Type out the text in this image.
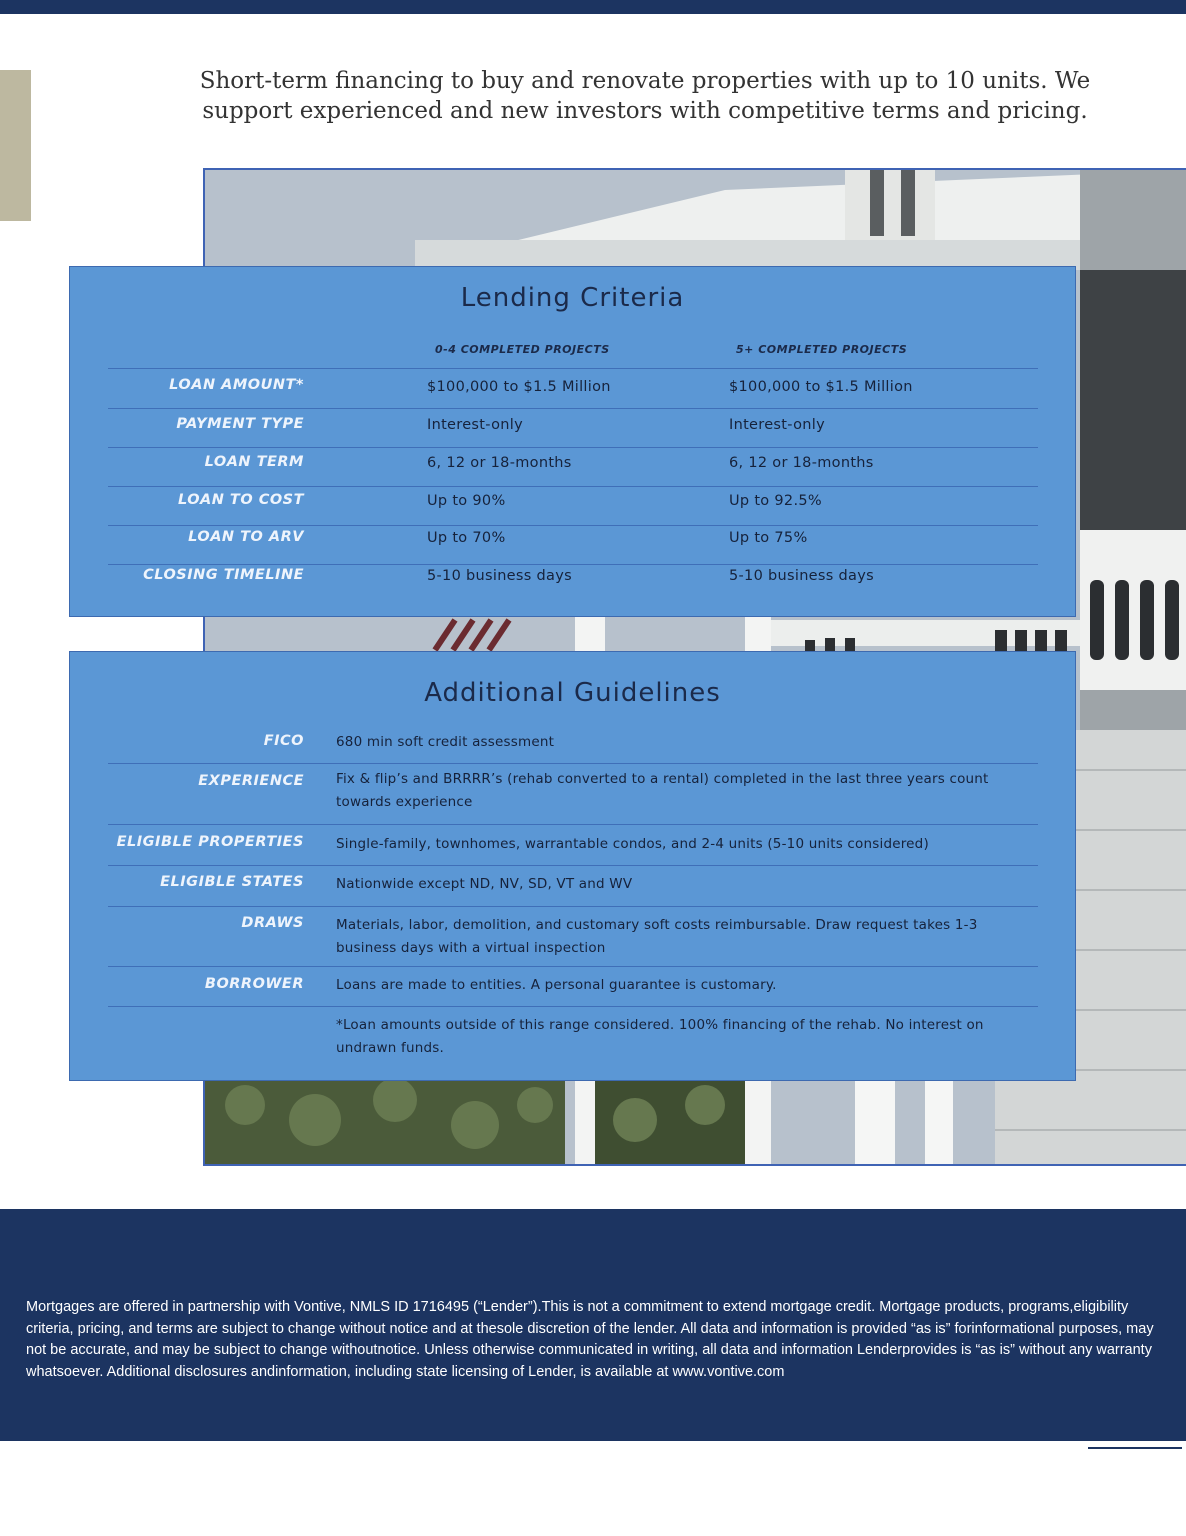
Short-term financing to buy and renovate properties with up to 10 units. We
support experienced and new investors with competitive terms and pricing.
Lending Criteria
0-4 COMPLETED PROJECTS	5+ COMPLETED PROJECTS
LOAN AMOUNT*	$100,000 to $1.5 Million	$100,000 to $1.5 Million
PAYMENT TYPE	Interest-only	Interest-only
LOAN TERM	6, 12 or 18-months	6, 12 or 18-months
LOAN TO COST	Up to 90%	Up to 92.5%
LOAN TO ARV	Up to 70%	Up to 75%
CLOSING TIMELINE	5-10 business days	5-10 business days
Additional Guidelines
FICO 680 min soft credit assessment
EXPERIENCE Fix & flip’s and BRRRR’s (rehab converted to a rental) completed in the last three years count towards experience
ELIGIBLE PROPERTIES Single-family, townhomes, warrantable condos, and 2-4 units (5-10 units considered)
ELIGIBLE STATES Nationwide except ND, NV, SD, VT and WV
DRAWS Materials, labor, demolition, and customary soft costs reimbursable. Draw request takes 1-3 business days with a virtual inspection
BORROWER Loans are made to entities. A personal guarantee is customary.
*Loan amounts outside of this range considered. 100% financing of the rehab. No interest on undrawn funds.
Mortgages are offered in partnership with Vontive, NMLS ID 1716495 (“Lender”).This is not a commitment to extend mortgage credit. Mortgage products, programs,eligibility criteria, pricing, and terms are subject to change without notice and at thesole discretion of the lender. All data and information is provided “as is” forinformational purposes, may not be accurate, and may be subject to change withoutnotice. Unless otherwise communicated in writing, all data and information Lenderprovides is “as is” without any warranty whatsoever. Additional disclosures andinformation, including state licensing of Lender, is available at www.vontive.com
